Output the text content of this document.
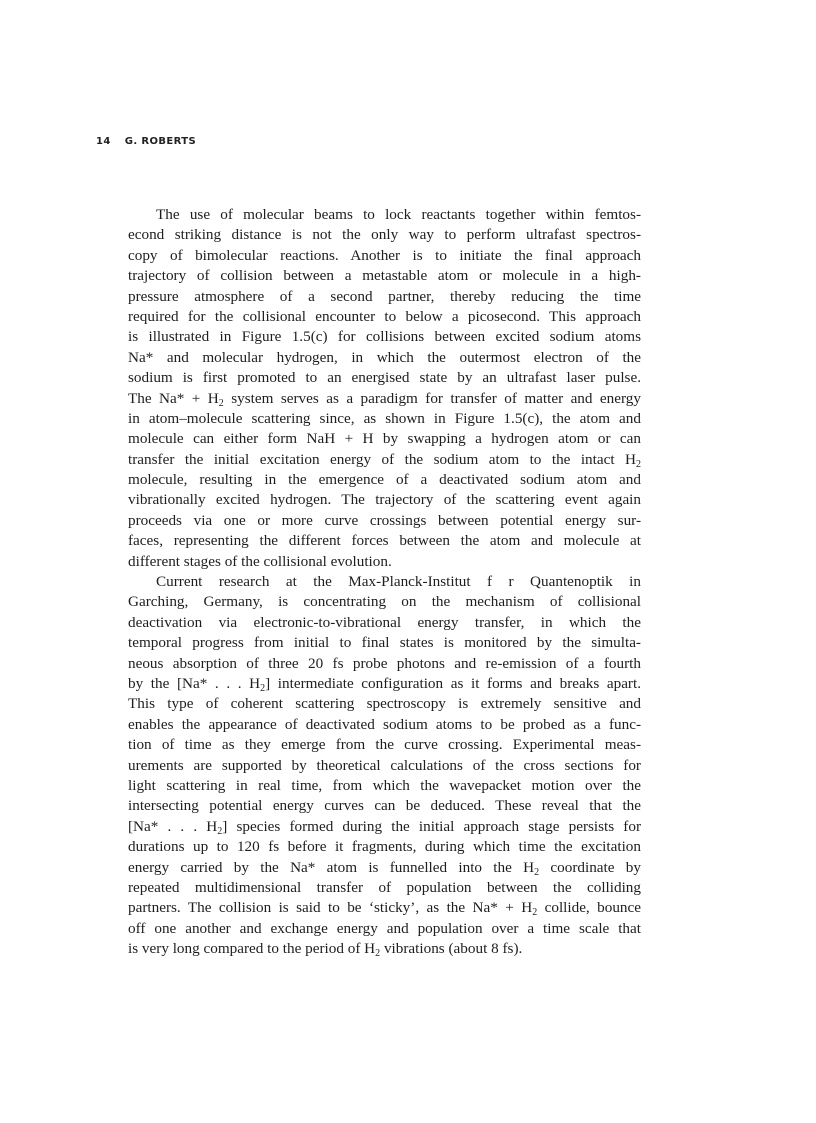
14 G. ROBERTS
The use of molecular beams to lock reactants together within femtos-
econd striking distance is not the only way to perform ultrafast spectros-
copy of bimolecular reactions. Another is to initiate the final approach
trajectory of collision between a metastable atom or molecule in a high-
pressure atmosphere of a second partner, thereby reducing the time
required for the collisional encounter to below a picosecond. This approach
is illustrated in Figure 1.5(c) for collisions between excited sodium atoms
Na* and molecular hydrogen, in which the outermost electron of the
sodium is first promoted to an energised state by an ultrafast laser pulse.
The $Na* + H_2$ system serves as a paradigm for transfer of matter and energy
in atom–molecule scattering since, as shown in Figure 1.5(c), the atom and
molecule can either form NaH + H by swapping a hydrogen atom or can
transfer the initial excitation energy of the sodium atom to the intact $H_2$
molecule, resulting in the emergence of a deactivated sodium atom and
vibrationally excited hydrogen. The trajectory of the scattering event again
proceeds via one or more curve crossings between potential energy sur-
faces, representing the different forces between the atom and molecule at
different stages of the collisional evolution.
Current research at the Max-Planck-Institut f r Quantenoptik in
Garching, Germany, is concentrating on the mechanism of collisional
deactivation via electronic-to-vibrational energy transfer, in which the
temporal progress from initial to final states is monitored by the simulta-
neous absorption of three 20 fs probe photons and re-emission of a fourth
by the [Na* . . . $H_2$] intermediate configuration as it forms and breaks apart.
This type of coherent scattering spectroscopy is extremely sensitive and
enables the appearance of deactivated sodium atoms to be probed as a func-
tion of time as they emerge from the curve crossing. Experimental meas-
urements are supported by theoretical calculations of the cross sections for
light scattering in real time, from which the wavepacket motion over the
intersecting potential energy curves can be deduced. These reveal that the
[Na* . . . $H_2$] species formed during the initial approach stage persists for
durations up to 120 fs before it fragments, during which time the excitation
energy carried by the Na* atom is funnelled into the $H_2$ coordinate by
repeated multidimensional transfer of population between the colliding
partners. The collision is said to be ‘sticky’, as the $Na* + H_2$ collide, bounce
off one another and exchange energy and population over a time scale that
is very long compared to the period of $H_2$ vibrations (about 8 fs).
